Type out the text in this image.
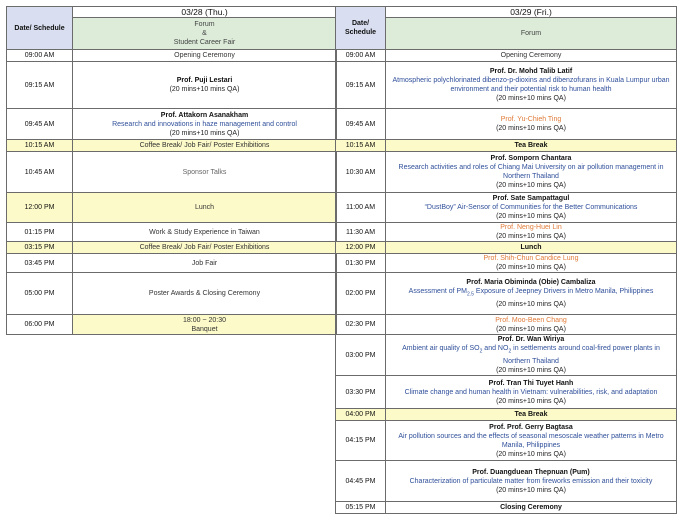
Date/ Schedule	03/28 (Thu.)

	Forum
&
Student Career Fair

09:00 AM	Opening Ceremony
09:15 AM	Prof. Puji Lestari
(20 mins+10 mins QA)

09:45 AM	Prof. Attakorn Asanakham
Research and innovations in haze management and control
(20 mins+10 mins QA)

10:15 AM	Coffee Break/ Job Fair/ Poster Exhibitions
10:45 AM	Sponsor Talks
12:00 PM	Lunch
01:15 PM	Work & Study Experience in Taiwan
03:15 PM	Coffee Break/ Job Fair/ Poster Exhibitions
03:45 PM	Job Fair
05:00 PM	Poster Awards & Closing Ceremony
06:00 PM	18:00 ~ 20:30
Banquet
Date/ Schedule	03/29 (Fri.)
	Forum
09:00 AM	Opening Ceremony
09:15 AM	Prof. Dr. Mohd Talib Latif
Atmospheric polychlorinated dibenzo-p-dioxins and dibenzofurans in Kuala Lumpur urban environment and their potential risk to human health
(20 mins+10 mins QA)

09:45 AM	Prof. Yu-Chieh Ting
(20 mins+10 mins QA)

10:15 AM	Tea Break
10:30 AM	Prof. Somporn Chantara
Research activities and roles of Chiang Mai University on air pollution management in Northern Thailand
(20 mins+10 mins QA)

11:00 AM	Prof. Sate Sampattagul
“DustBoy” Air-Sensor of Communities for the Better Communications
(20 mins+10 mins QA)

11:30 AM	Prof. Neng-Huei Lin
(20 mins+10 mins QA)

12:00 PM	Lunch
01:30 PM	Prof. Shih-Chun Candice Lung
(20 mins+10 mins QA)

02:00 PM	Prof. Maria Obiminda (Obie) Cambaliza
Assessment of $PM_{2.5}$ Exposure of Jeepney Drivers in Metro Manila, Philippines
(20 mins+10 mins QA)

02:30 PM	Prof. Moo-Been Chang
(20 mins+10 mins QA)

03:00 PM	Prof. Dr. Wan Wiriya
Ambient air quality of $SO_2$ and $NO_2$ in settlements around coal-fired power plants in Northern Thailand
(20 mins+10 mins QA)

03:30 PM	Prof. Tran Thi Tuyet Hanh
Climate change and human health in Vietnam: vulnerabilities, risk, and adaptation
(20 mins+10 mins QA)

04:00 PM	Tea Break
04:15 PM	Prof. Prof. Gerry Bagtasa
Air pollution sources and the effects of seasonal mesoscale weather patterns in Metro Manila, Philippines
(20 mins+10 mins QA)

04:45 PM	Prof. Duangduean Thepnuan (Pum)
Characterization of particulate matter from fireworks emission and their toxicity
(20 mins+10 mins QA)

05:15 PM	Closing Ceremony
